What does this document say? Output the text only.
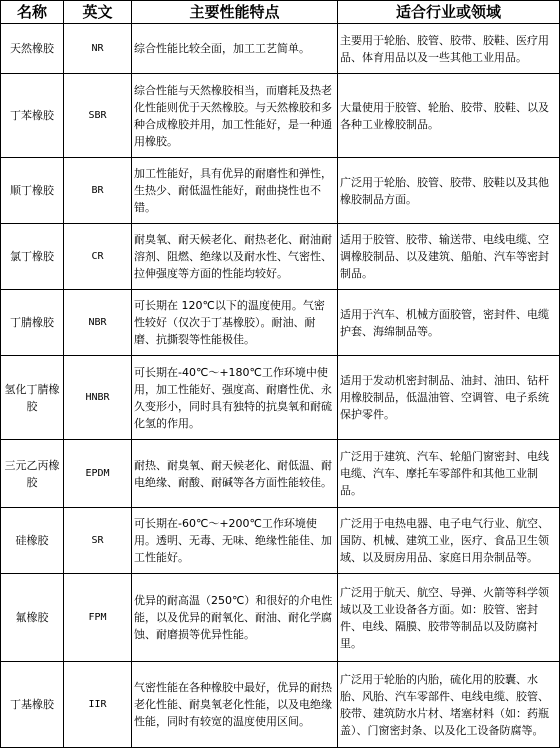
名称	英文	主要性能特点	适合行业或领域
天然橡胶	NR	综合性能比较全面，加工工艺简单。	主要用于轮胎、胶管、胶带、胶鞋、医疗用品、体育用品以及一些其他工业用品。
丁苯橡胶	SBR	综合性能与天然橡胶相当，而磨耗及热老化性能则优于天然橡胶。与天然橡胶和多种合成橡胶并用，加工性能好，是一种通用橡胶。	大量使用于胶管、轮胎、胶带、胶鞋、以及各种工业橡胶制品。
顺丁橡胶	BR	加工性能好，具有优异的耐磨性和弹性，生热少、耐低温性能好，耐曲挠性也不错。	广泛用于轮胎、胶管、胶带、胶鞋以及其他橡胶制品方面。
氯丁橡胶	CR	耐臭氧、耐天候老化、耐热老化、耐油耐溶剂、阻燃、绝缘以及耐水性、气密性、拉伸强度等方面的性能均较好。	适用于胶管、胶带、输送带、电线电缆、空调橡胶制品、以及建筑、船舶、汽车等密封制品。
丁腈橡胶	NBR	可长期在 120℃以下的温度使用。气密性较好（仅次于丁基橡胶）。耐油、耐磨、抗撕裂等性能极佳。	适用于汽车、机械方面胶管，密封件、电缆护套、海绵制品等。
氢化丁腈橡胶	HNBR	可长期在-40℃～+180℃工作环境中使用，加工性能好、强度高、耐磨性优、永久变形小，同时具有独特的抗臭氧和耐硫化氢的作用。	适用于发动机密封制品、油封、油田、钻杆用橡胶制品，低温油管、空调管、电子系统保护零件。
三元乙丙橡胶	EPDM	耐热、耐臭氧、耐天候老化、耐低温、耐电绝缘、耐酸、耐碱等各方面性能较佳。	广泛用于建筑、汽车、轮船门窗密封、电线电缆、汽车、摩托车零部件和其他工业制品。
硅橡胶	SR	可长期在-60℃～+200℃工作环境使用。透明、无毒、无味、绝缘性能佳、加工性能好。	广泛用于电热电器、电子电气行业、航空、国防、机械、建筑工业，医疗、食品卫生领域、以及厨房用品、家庭日用杂制品等。
氟橡胶	FPM	优异的耐高温（250℃）和很好的介电性能，以及优异的耐氧化、耐油、耐化学腐蚀、耐磨损等优异性能。	广泛用于航天、航空、导弹、火箭等科学领域以及工业设备各方面。如：胶管、密封件、电线、隔膜、胶带等制品以及防腐衬里。
丁基橡胶	IIR	气密性能在各种橡胶中最好，优异的耐热老化性能、耐臭氧老化性能，以及电绝缘性能，同时有较宽的温度使用区间。	广泛用于轮胎的内胎，硫化用的胶囊、水胎、风胎、汽车零部件、电线电缆、胶管、胶带、建筑防水片材、堵塞材料（如：药瓶盖）、门窗密封条、以及化工设备防腐等。
